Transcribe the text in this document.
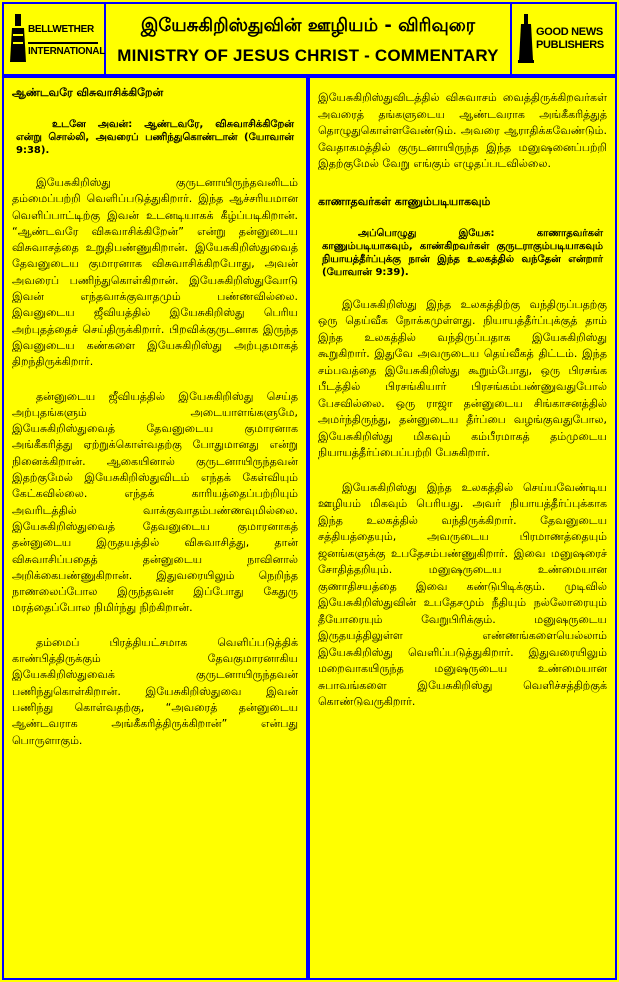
BELLWETHER
INTERNATIONAL
இயேசுகிறிஸ்துவின் ஊழியம் - விரிவுரை
MINISTRY OF JESUS CHRIST - COMMENTARY
GOOD NEWS
PUBLISHERS
ஆண்டவரே விசுவாசிக்கிறேன்
உடனே அவன்: ஆண்டவரே, விசுவாசிக்கிறேன் என்று சொல்லி, அவரைப் பணிந்துகொண்டான் (யோவான் 9:38).
இயேசுகிறிஸ்து குருடனாயிருந்தவனிடம் தம்மைப்பற்றி வெளிப்படுத்துகிறார். இந்த ஆச்சரியமான வெளிப்பாட்டிற்கு இவன் உடனடியாகக் கீழ்ப்படிகிறான். “ஆண்டவரே விசுவாசிக்கிறேன்” என்று தன்னுடைய விசுவாசத்தை உறுதிபண்ணுகிறான். இயேசுகிறிஸ்துவைத் தேவனுடைய குமாரனாக விசுவாசிக்கிறபோது, அவன் அவரைப் பணிந்துகொள்கிறான். இயேசுகிறிஸ்துவோடு இவன் எந்தவாக்குவாதமும் பண்ணவில்லை. இவனுடைய ஜீவியத்தில் இயேசுகிறிஸ்து பெரிய அற்புதத்தைச் செய்திருக்கிறார். பிறவிக்குருடனாக இருந்த இவனுடைய கண்களை இயேசுகிறிஸ்து அற்புதமாகத் திறந்திருக்கிறார்.
தன்னுடைய ஜீவியத்தில் இயேசுகிறிஸ்து செய்த அற்புதங்களும் அடையாளங்களுமே, இயேசுகிறிஸ்துவைத் தேவனுடைய குமாரனாக அங்கீகரித்து ஏற்றுக்கொள்வதற்கு போதுமானது என்று நினைக்கிறான். ஆகையினால் குருடனாயிருந்தவன் இதற்குமேல் இயேசுகிறிஸ்துவிடம் எந்தக் கேள்வியும் கேட்கவில்லை. எந்தக் காரியத்தைப்பற்றியும் அவரிடத்தில் வாக்குவாதம்பண்ணவுமில்லை. இயேசுகிறிஸ்துவைத் தேவனுடைய குமாரனாகத் தன்னுடைய இருதயத்தில் விசுவாசித்து, தான் விசுவாசிப்பதைத் தன்னுடைய நாவினால் அறிக்கைபண்ணுகிறான். இதுவரையிலும் நெறிந்த நாணலைப்போல இருந்தவன் இப்போது கேதுரு மரத்தைப்போல நிமிர்ந்து நிற்கிறான்.
தம்மைப் பிரத்தியட்சமாக வெளிப்படுத்திக் காண்பித்திருக்கும் தேவகுமாரனாகிய இயேசுகிறிஸ்துவைக் குருடனாயிருந்தவன் பணிந்துகொள்கிறான். இயேசுகிறிஸ்துவை இவன் பணிந்து கொள்வதற்கு, “அவரைத் தன்னுடைய ஆண்டவராக அங்கீகரித்திருக்கிறான்” என்பது பொருளாகும்.
இயேசுகிறிஸ்துவிடத்தில் விசுவாசம் வைத்திருக்கிறவர்கள் அவரைத் தங்களுடைய ஆண்டவராக அங்கீகரித்துத் தொழுதுகொள்ளவேண்டும். அவரை ஆராதிக்கவேண்டும். வேதாகமத்தில் குருடனாயிருந்த இந்த மனுஷனைப்பற்றி இதற்குமேல் வேறு எங்கும் எழுதப்படவில்லை.
காணாதவர்கள் காணும்படியாகவும்
அப்பொழுது இயேசு: காணாதவர்கள் காணும்படியாகவும், காண்கிறவர்கள் குருடராகும்படியாகவும் நியாயத்தீர்ப்புக்கு நான் இந்த உலகத்தில் வந்தேன் என்றார் (யோவான் 9:39).
இயேசுகிறிஸ்து இந்த உலகத்திற்கு வந்திருப்பதற்கு ஒரு தெய்வீக நோக்கமுள்ளது. நியாயத்தீர்ப்புக்குத் தாம் இந்த உலகத்தில் வந்திருப்பதாக இயேசுகிறிஸ்து கூறுகிறார். இதுவே அவருடைய தெய்வீகத் திட்டம். இந்த சம்பவத்தை இயேசுகிறிஸ்து கூறும்போது, ஒரு பிரசங்க பீடத்தில் பிரசங்கியார் பிரசங்கம்பண்ணுவதுபோல் பேசவில்லை. ஒரு ராஜா தன்னுடைய சிங்காசனத்தில் அமர்ந்திருந்து, தன்னுடைய தீர்ப்பை வழங்குவதுபோல, இயேசுகிறிஸ்து மிகவும் கம்பீரமாகத் தம்முடைய நியாயத்தீர்ப்பைப்பற்றி பேசுகிறார்.
இயேசுகிறிஸ்து இந்த உலகத்தில் செய்யவேண்டிய ஊழியம் மிகவும் பெரியது. அவர் நியாயத்தீர்ப்புக்காக இந்த உலகத்தில் வந்திருக்கிறார். தேவனுடைய சத்தியத்தையும், அவருடைய பிரமாணத்தையும் ஜனங்களுக்கு உபதேசம்பண்ணுகிறார். இவை மனுஷரைச் சோதித்தறியும். மனுஷருடைய உண்மையான குணாதிசயத்தை இவை கண்டுபிடிக்கும். முடிவில் இயேசுகிறிஸ்துவின் உபதேசமும் நீதியும் நல்லோரையும் தீயோரையும் வேறுபிரிக்கும். மனுஷருடைய இருதயத்திலுள்ள எண்ணங்களையெல்லாம் இயேசுகிறிஸ்து வெளிப்படுத்துகிறார். இதுவரையிலும் மறைவாகயிருந்த மனுஷருடைய உண்மையான சுபாவங்களை இயேசுகிறிஸ்து வெளிச்சத்திற்குக் கொண்டுவருகிறார்.
